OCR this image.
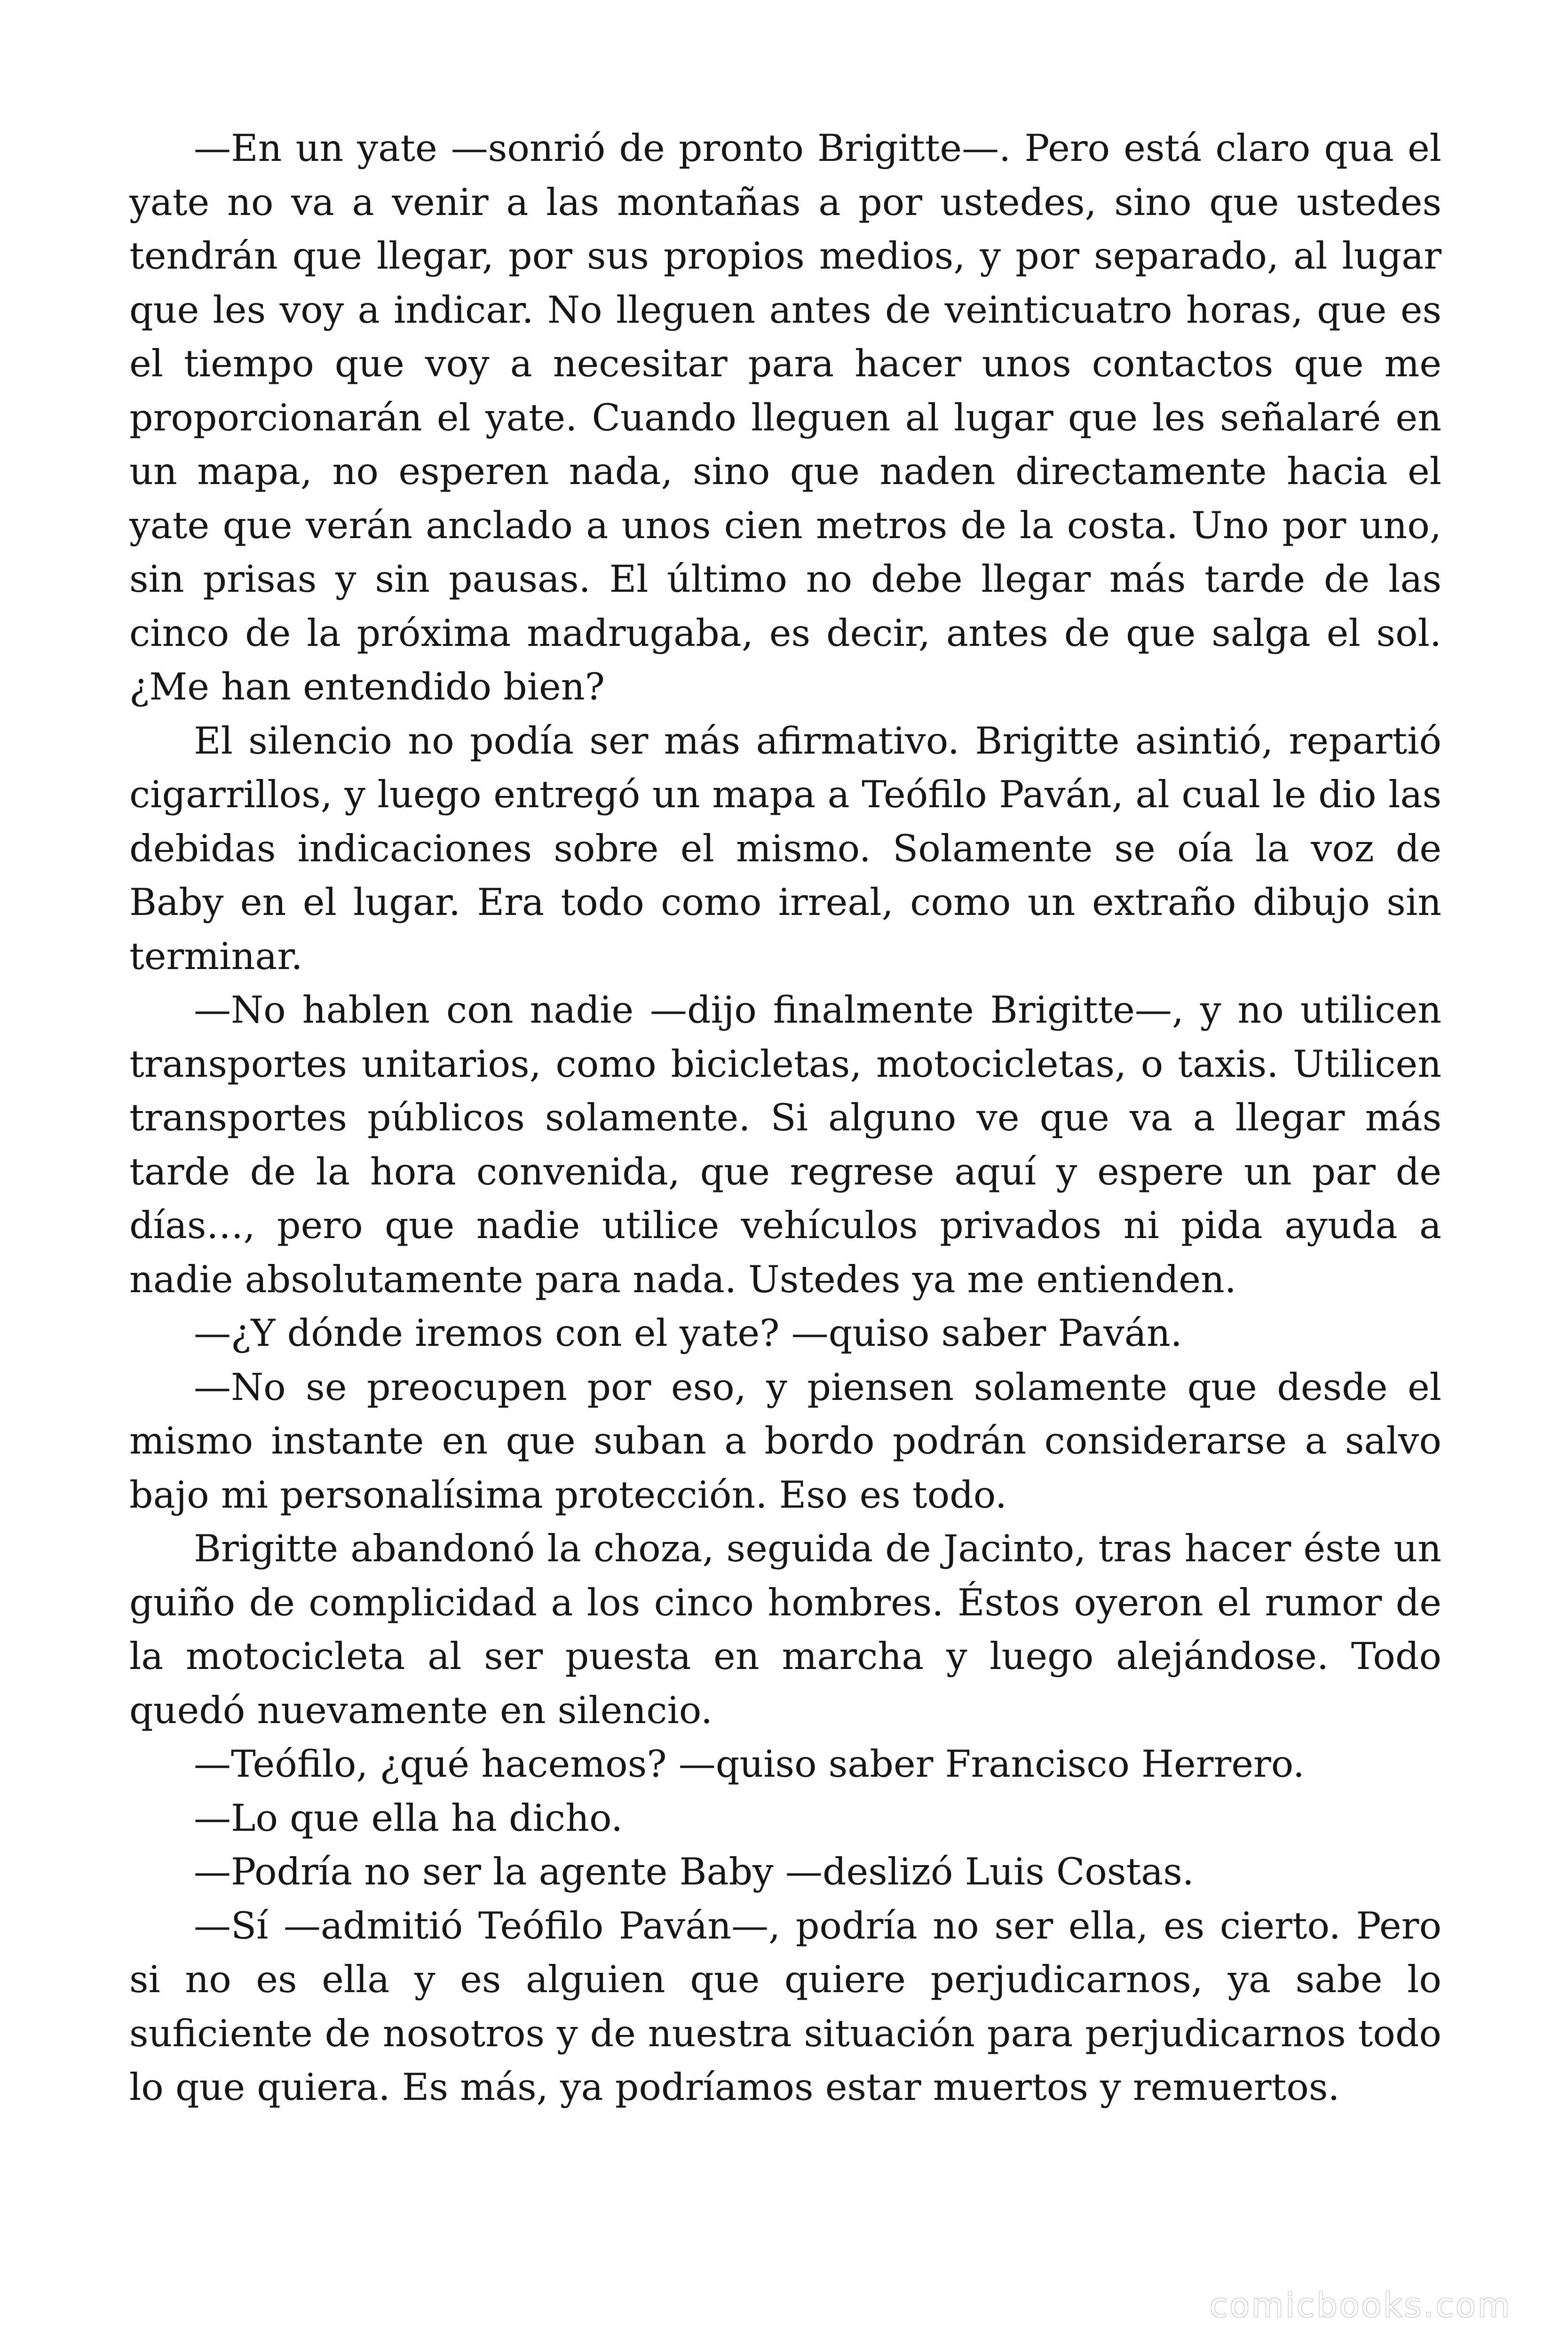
—En un yate —sonrió de pronto Brigitte—. Pero está claro qua el yate no va a venir a las montañas a por ustedes, sino que ustedes tendrán que llegar, por sus propios medios, y por separado, al lugar que les voy a indicar. No lleguen antes de veinticuatro horas, que es el tiempo que voy a necesitar para hacer unos contactos que me proporcionarán el yate. Cuando lleguen al lugar que les señalaré en un mapa, no esperen nada, sino que naden directamente hacia el yate que verán anclado a unos cien metros de la costa. Uno por uno, sin prisas y sin pausas. El último no debe llegar más tarde de las cinco de la próxima madrugaba, es decir, antes de que salga el sol. ¿Me han entendido bien?

El silencio no podía ser más afirmativo. Brigitte asintió, repartió cigarrillos, y luego entregó un mapa a Teófilo Paván, al cual le dio las debidas indicaciones sobre el mismo. Solamente se oía la voz de Baby en el lugar. Era todo como irreal, como un extraño dibujo sin terminar.

—No hablen con nadie —dijo finalmente Brigitte—, y no utilicen transportes unitarios, como bicicletas, motocicletas, o taxis. Utilicen transportes públicos solamente. Si alguno ve que va a llegar más tarde de la hora convenida, que regrese aquí y espere un par de días…, pero que nadie utilice vehículos privados ni pida ayuda a nadie absolutamente para nada. Ustedes ya me entienden.

—¿Y dónde iremos con el yate? —quiso saber Paván.

—No se preocupen por eso, y piensen solamente que desde el mismo instante en que suban a bordo podrán considerarse a salvo bajo mi personalísima protección. Eso es todo.

Brigitte abandonó la choza, seguida de Jacinto, tras hacer éste un guiño de complicidad a los cinco hombres. Éstos oyeron el rumor de la motocicleta al ser puesta en marcha y luego alejándose. Todo quedó nuevamente en silencio.

—Teófilo, ¿qué hacemos? —quiso saber Francisco Herrero.

—Lo que ella ha dicho.

—Podría no ser la agente Baby —deslizó Luis Costas.

—Sí —admitió Teófilo Paván—, podría no ser ella, es cierto. Pero si no es ella y es alguien que quiere perjudicarnos, ya sabe lo suficiente de nosotros y de nuestra situación para perjudicarnos todo lo que quiera. Es más, ya podríamos estar muertos y remuertos.

comicbooks.com
